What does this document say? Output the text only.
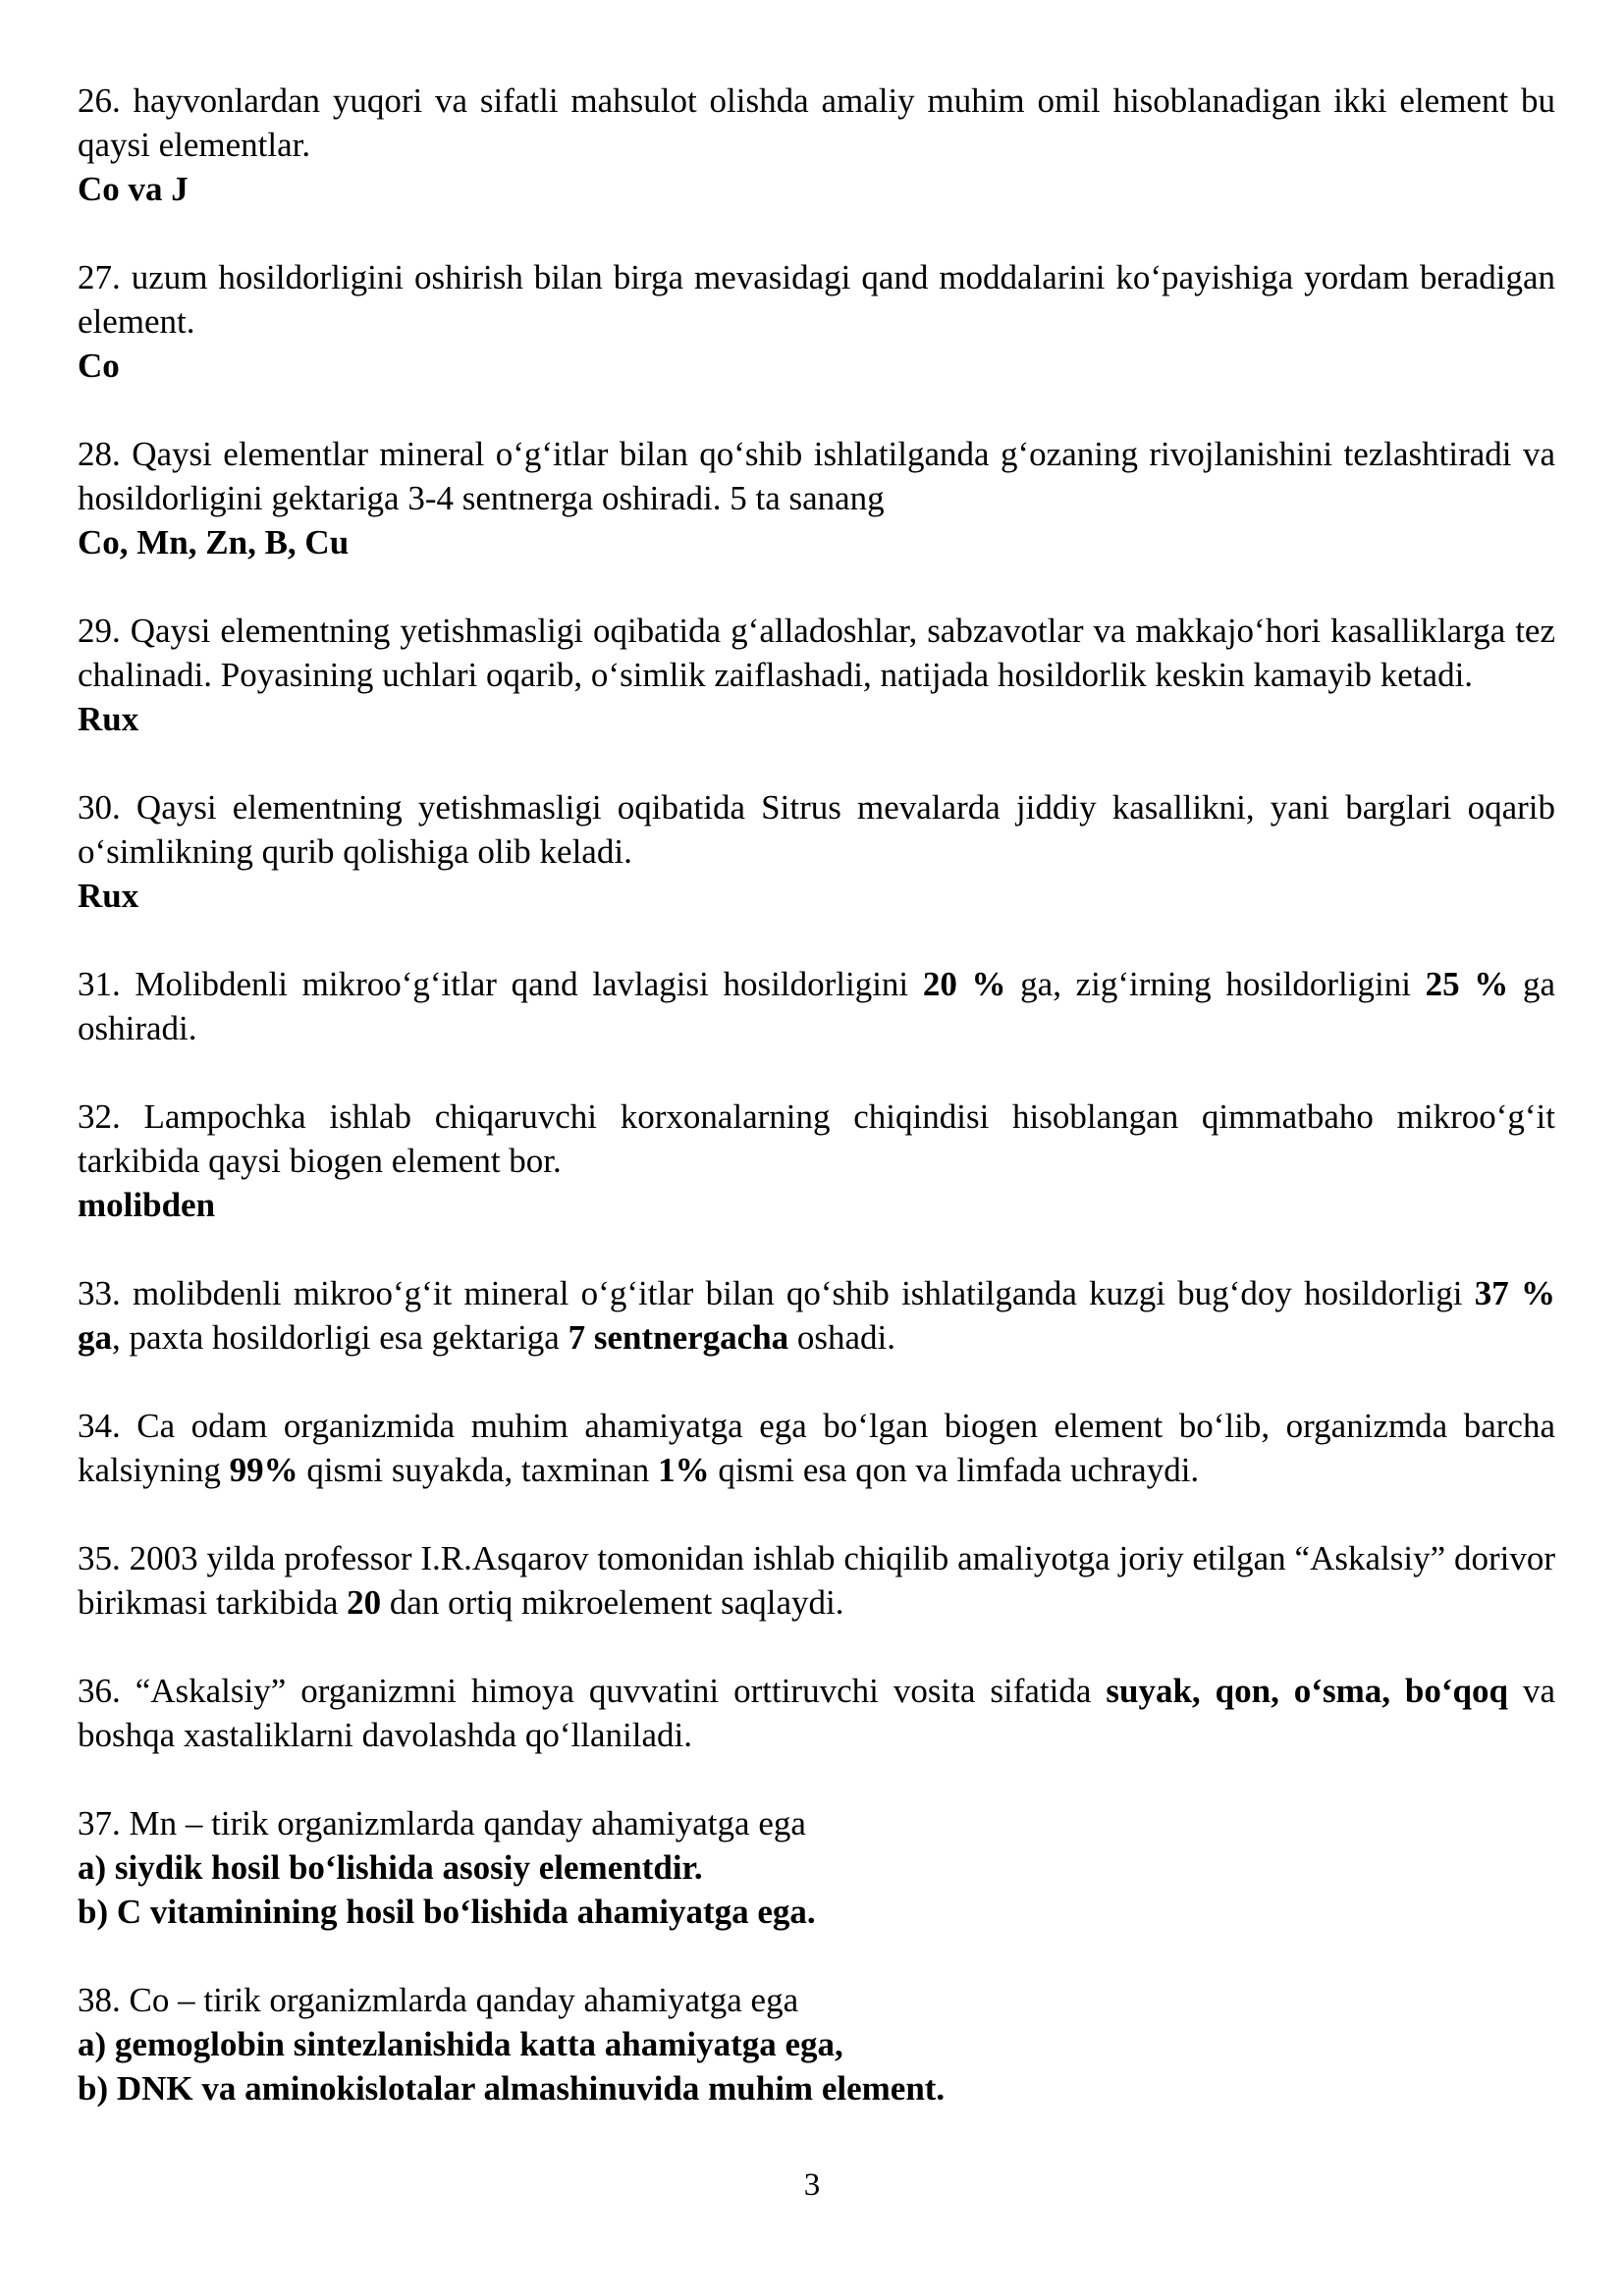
26. hayvonlardan yuqori va sifatli mahsulot olishda amaliy muhim omil hisoblanadigan ikki element bu qaysi elementlar.

Co va J

27. uzum hosildorligini oshirish bilan birga mevasidagi qand moddalarini ko‘payishiga yordam beradigan element.

Co

28. Qaysi elementlar mineral o‘g‘itlar bilan qo‘shib ishlatilganda g‘ozaning rivojlanishini tezlashtiradi va hosildorligini gektariga 3-4 sentnerga oshiradi. 5 ta sanang

Co, Mn, Zn, B, Cu

29. Qaysi elementning yetishmasligi oqibatida g‘alladoshlar, sabzavotlar va makkajo‘hori kasalliklarga tez chalinadi. Poyasining uchlari oqarib, o‘simlik zaiflashadi, natijada hosildorlik keskin kamayib ketadi.

Rux

30. Qaysi elementning yetishmasligi oqibatida Sitrus mevalarda jiddiy kasallikni, yani barglari oqarib o‘simlikning qurib qolishiga olib keladi.

Rux

31. Molibdenli mikroo‘g‘itlar qand lavlagisi hosildorligini 20 % ga, zig‘irning hosildorligini 25 % ga oshiradi.

32. Lampochka ishlab chiqaruvchi korxonalarning chiqindisi hisoblangan qimmatbaho mikroo‘g‘it tarkibida qaysi biogen element bor.

molibden

33. molibdenli mikroo‘g‘it mineral o‘g‘itlar bilan qo‘shib ishlatilganda kuzgi bug‘doy hosildorligi 37 % ga, paxta hosildorligi esa gektariga 7 sentnergacha oshadi.

34. Ca odam organizmida muhim ahamiyatga ega bo‘lgan biogen element bo‘lib, organizmda barcha kalsiyning 99% qismi suyakda, taxminan 1% qismi esa qon va limfada uchraydi.

35. 2003 yilda professor I.R.Asqarov tomonidan ishlab chiqilib amaliyotga joriy etilgan “Askalsiy” dorivor birikmasi tarkibida 20 dan ortiq mikroelement saqlaydi.

36. “Askalsiy” organizmni himoya quvvatini orttiruvchi vosita sifatida suyak, qon, o‘sma, bo‘qoq va boshqa xastaliklarni davolashda qo‘llaniladi.

37. Mn – tirik organizmlarda qanday ahamiyatga ega

a) siydik hosil bo‘lishida asosiy elementdir.

b) C vitaminining hosil bo‘lishida ahamiyatga ega.

38. Co – tirik organizmlarda qanday ahamiyatga ega

a) gemoglobin sintezlanishida katta ahamiyatga ega,

b) DNK va aminokislotalar almashinuvida muhim element.

3
